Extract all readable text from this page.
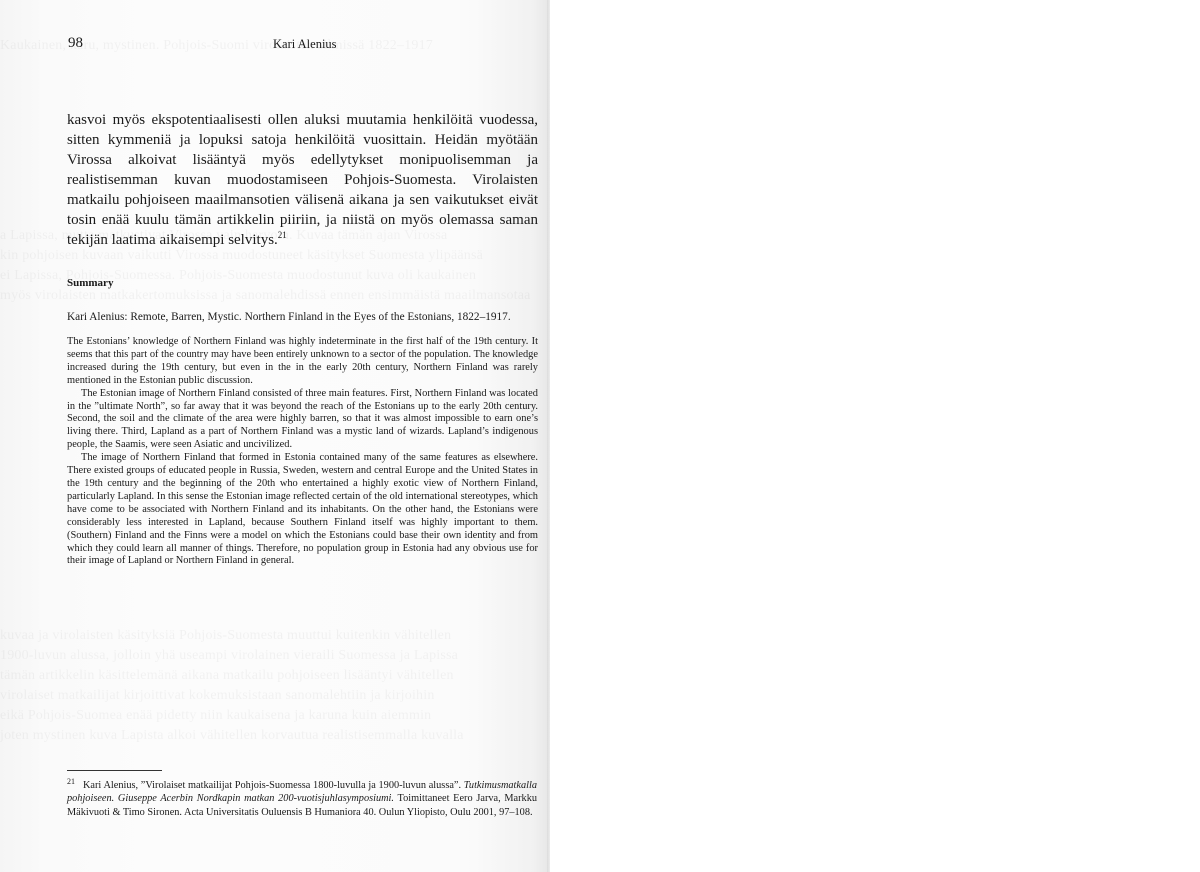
98	Kari Alenius

kasvoi myös ekspotentiaalisesti ollen aluksi muutamia henkilöitä vuodessa, sitten kymmeniä ja lopuksi satoja henkilöitä vuosittain. Heidän myötään Virossa alkoivat lisääntyä myös edellytykset monipuolisemman ja realistisemman kuvan muodostamiseen Pohjois-Suomesta. Virolaisten matkailu pohjoiseen maailmansotien välisenä aikana ja sen vaikutukset eivät tosin enää kuulu tämän artikkelin piiriin, ja niistä on myös olemassa saman tekijän laatima aikaisempi selvitys.$^{21}$

Summary

Kari Alenius: Remote, Barren, Mystic. Northern Finland in the Eyes of the Estonians, 1822–1917.

The Estonians’ knowledge of Northern Finland was highly indeterminate in the first half of the 19th century. It seems that this part of the country may have been entirely unknown to a sector of the population. The knowledge increased during the 19th century, but even in the in the early 20th century, Northern Finland was rarely mentioned in the Estonian public discussion.

The Estonian image of Northern Finland consisted of three main features. First, Northern Finland was located in the ”ultimate North”, so far away that it was beyond the reach of the Estonians up to the early 20th century. Second, the soil and the climate of the area were highly barren, so that it was almost impossible to earn one’s living there. Third, Lapland as a part of Northern Finland was a mystic land of wizards. Lapland’s indigenous people, the Saamis, were seen Asiatic and uncivilized.

The image of Northern Finland that formed in Estonia contained many of the same features as elsewhere. There existed groups of educated people in Russia, Sweden, western and central Europe and the United States in the 19th century and the beginning of the 20th who entertained a highly exotic view of Northern Finland, particularly Lapland. In this sense the Estonian image reflected certain of the old international stereotypes, which have come to be associated with Northern Finland and its inhabitants. On the other hand, the Estonians were considerably less interested in Lapland, because Southern Finland itself was highly important to them. (Southern) Finland and the Finns were a model on which the Estonians could base their own identity and from which they could learn all manner of things. Therefore, no population group in Estonia had any obvious use for their image of Lapland or Northern Finland in general.

21 Kari Alenius, ”Virolaiset matkailijat Pohjois-Suomessa 1800-luvulla ja 1900-luvun alussa”. Tutkimusmatkalla pohjoiseen. Giuseppe Acerbin Nordkapin matkan 200-vuotisjuhlasymposiumi. Toimittaneet Eero Jarva, Markku Mäkivuoti & Timo Sironen. Acta Universitatis Ouluensis B Humaniora 40. Oulun Yliopisto, Oulu 2001, 97–108.
